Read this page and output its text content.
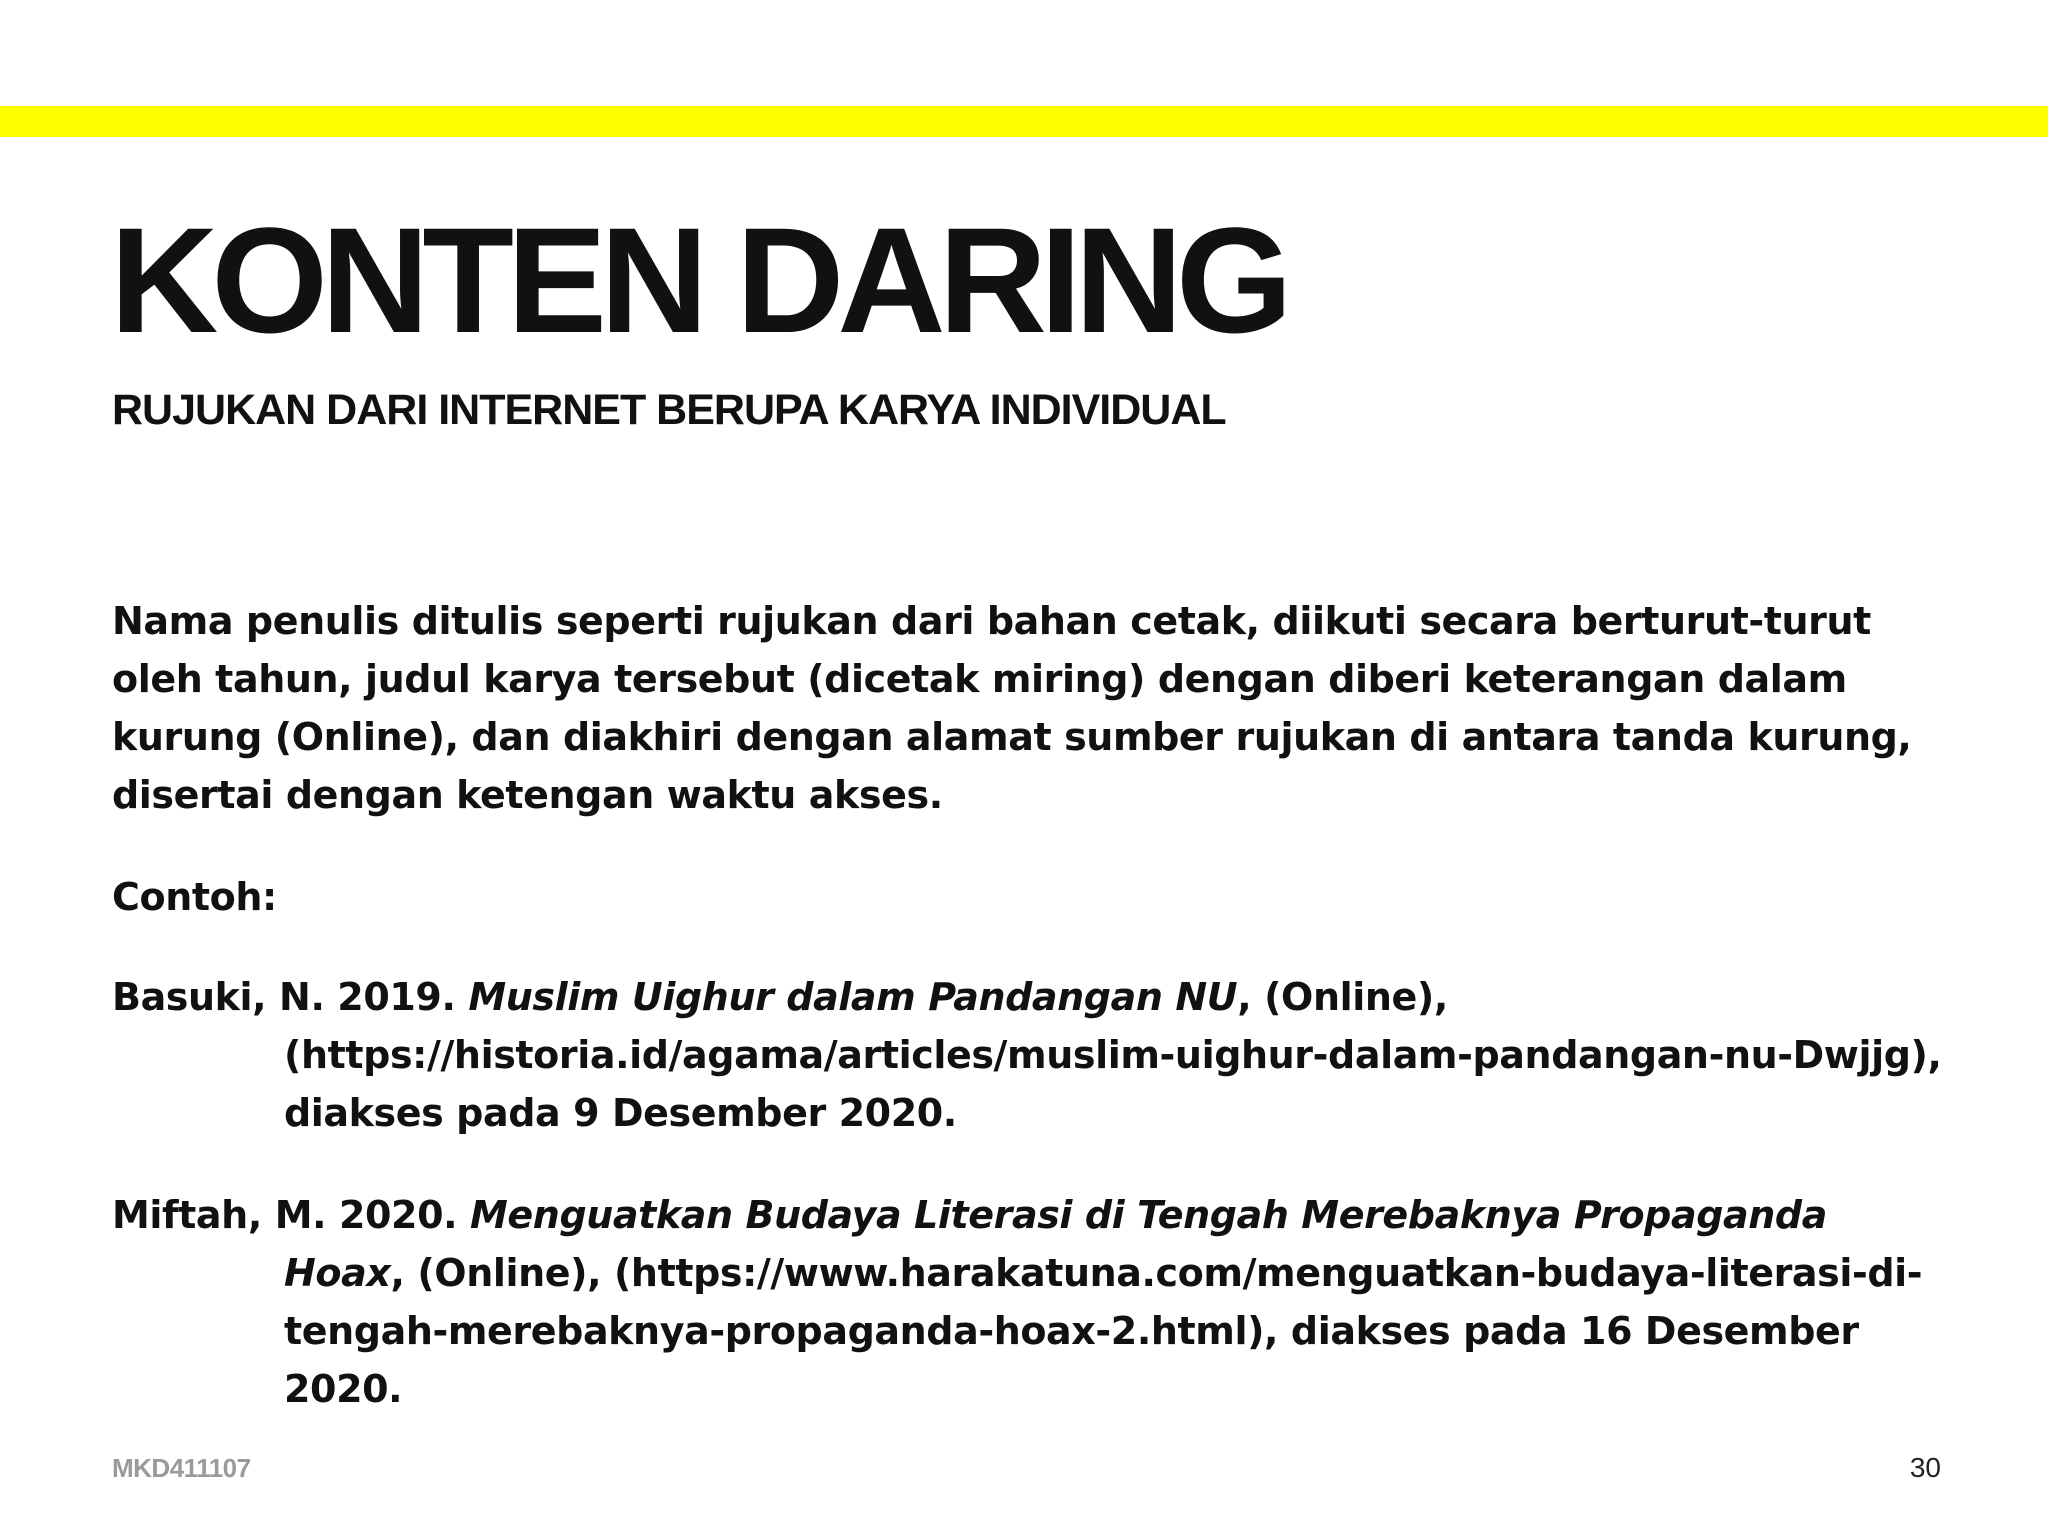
KONTEN DARING
RUJUKAN DARI INTERNET BERUPA KARYA INDIVIDUAL

Nama penulis ditulis seperti rujukan dari bahan cetak, diikuti secara berturut-turut oleh tahun, judul karya tersebut (dicetak miring) dengan diberi keterangan dalam kurung (Online), dan diakhiri dengan alamat sumber rujukan di antara tanda kurung, disertai dengan ketengan waktu akses.

Contoh:

Basuki, N. 2019. Muslim Uighur dalam Pandangan NU, (Online), (https://historia.id/agama/articles/muslim-uighur-dalam-pandangan-nu-Dwjjg), diakses pada 9 Desember 2020.

Miftah, M. 2020. Menguatkan Budaya Literasi di Tengah Merebaknya Propaganda Hoax, (Online), (https://www.harakatuna.com/menguatkan-budaya-literasi-di-tengah-merebaknya-propaganda-hoax-2.html), diakses pada 16 Desember 2020.

MKD411107	30
